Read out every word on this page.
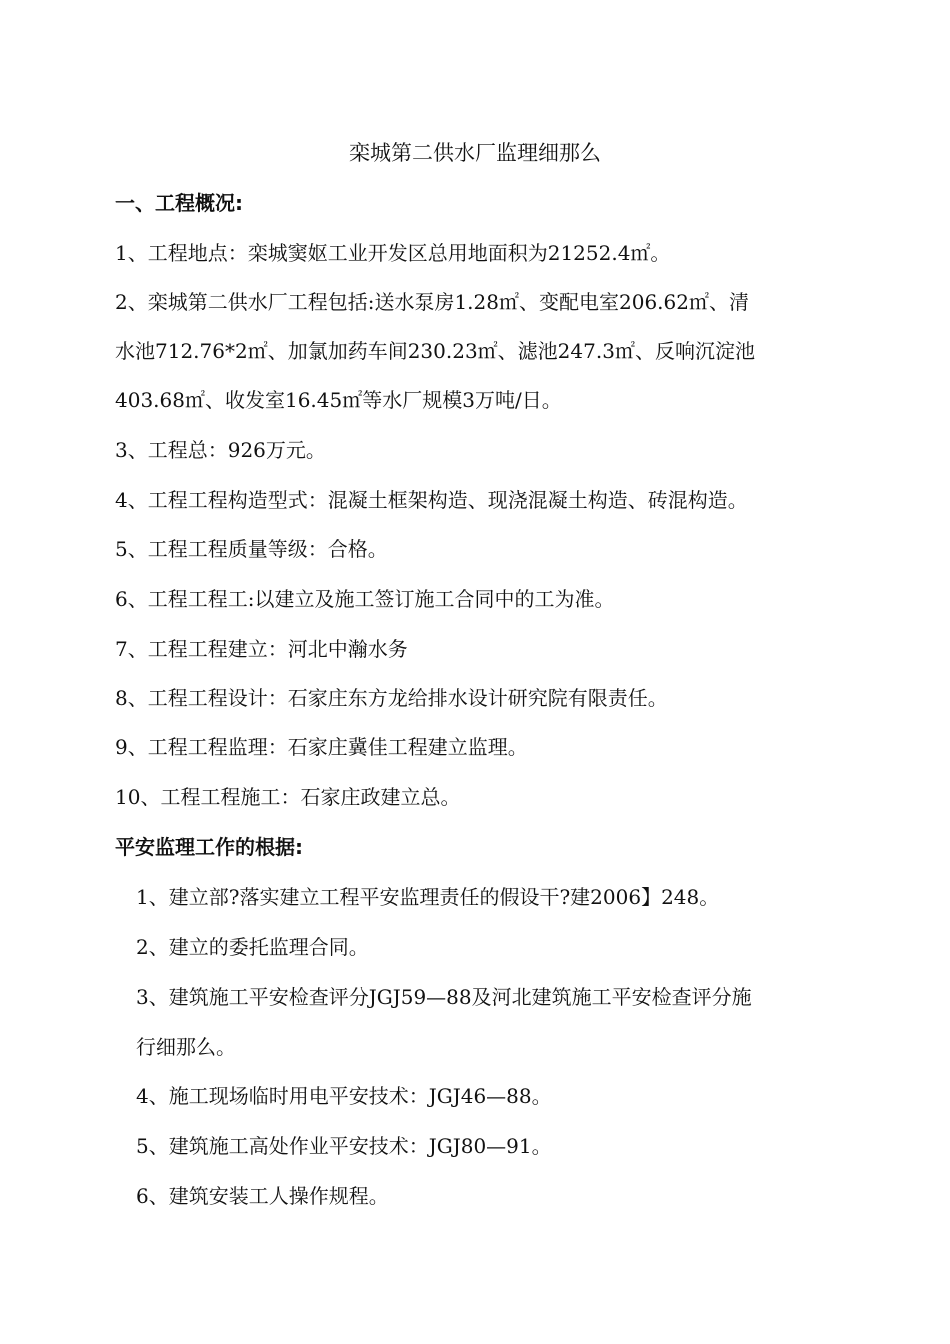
栾城第二供水厂监理细那么
一、工程概况:
1、工程地点：栾城窦妪工业开发区总用地面积为21252.4㎡。
2、栾城第二供水厂工程包括:送水泵房1.28㎡、变配电室206.62㎡、清
水池712.76*2㎡、加氯加药车间230.23㎡、滤池247.3㎡、反响沉淀池
403.68㎡、收发室16.45㎡等水厂规模3万吨/日。
3、工程总：926万元。
4、工程工程构造型式：混凝土框架构造、现浇混凝土构造、砖混构造。
5、工程工程质量等级：合格。
6、工程工程工:以建立及施工签订施工合同中的工为准。
7、工程工程建立：河北中瀚水务
8、工程工程设计：石家庄东方龙给排水设计研究院有限责任。
9、工程工程监理：石家庄冀佳工程建立监理。
10、工程工程施工：石家庄政建立总。
平安监理工作的根据:
1、建立部?落实建立工程平安监理责任的假设干?建2006】248。
2、建立的委托监理合同。
3、建筑施工平安检查评分JGJ59—88及河北建筑施工平安检查评分施
行细那么。
4、施工现场临时用电平安技术：JGJ46—88。
5、建筑施工高处作业平安技术：JGJ80—91。
6、建筑安装工人操作规程。
